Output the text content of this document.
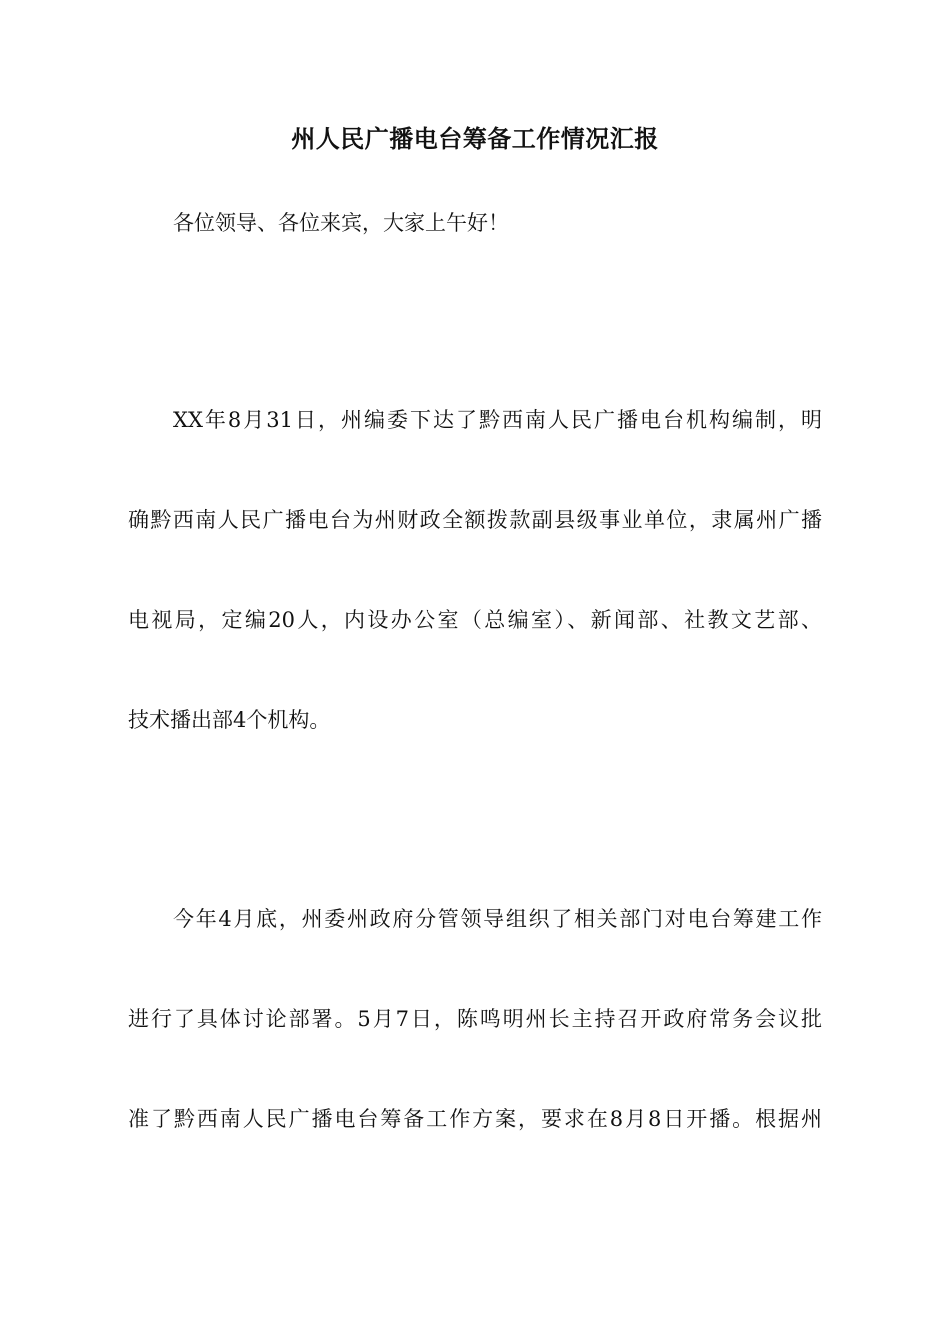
州人民广播电台筹备工作情况汇报
各位领导、各位来宾，大家上午好！
XX年8月31日，州编委下达了黔西南人民广播电台机构编制，明
确黔西南人民广播电台为州财政全额拨款副县级事业单位，隶属州广播
电视局，定编20人，内设办公室（总编室）、新闻部、社教文艺部、
技术播出部4个机构。
今年4月底，州委州政府分管领导组织了相关部门对电台筹建工作
进行了具体讨论部署。5月7日，陈鸣明州长主持召开政府常务会议批
准了黔西南人民广播电台筹备工作方案，要求在8月8日开播。根据州
